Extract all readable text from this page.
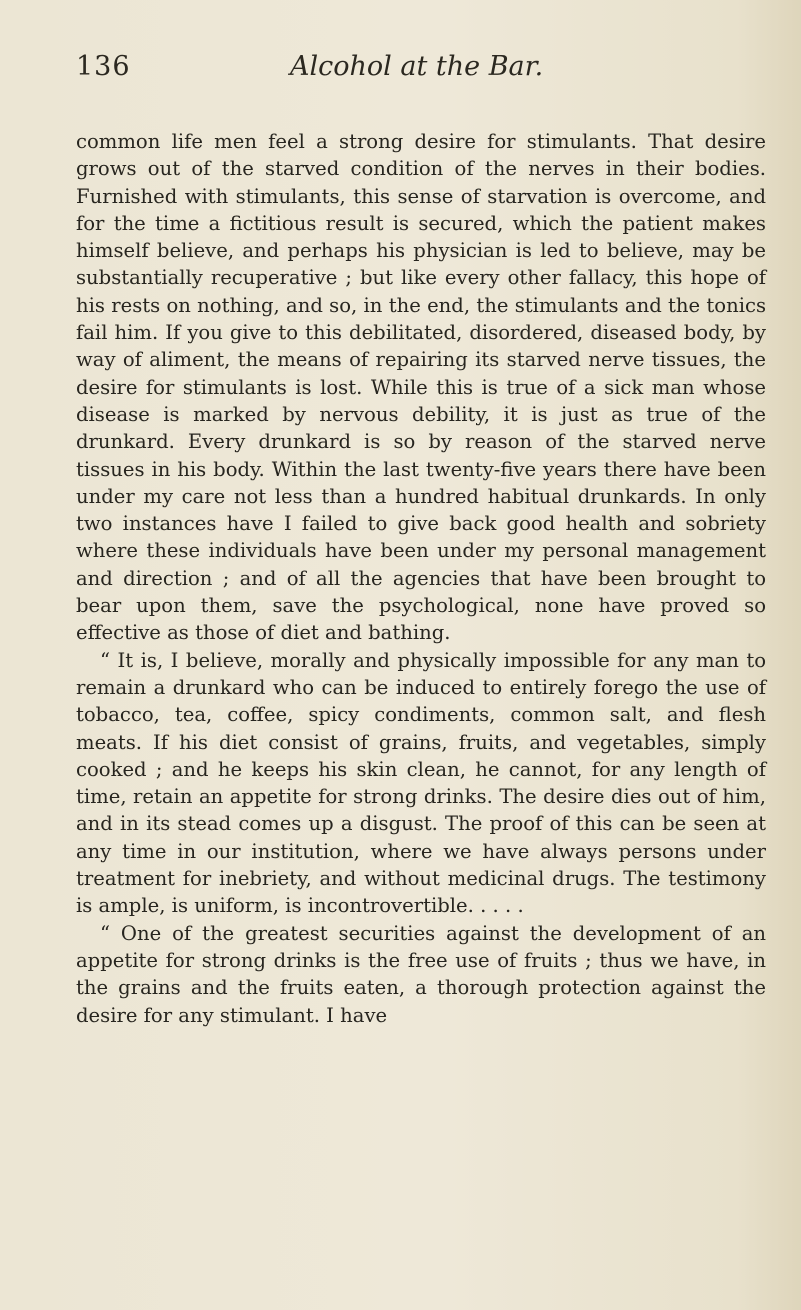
136	Alcohol at the Bar.

common life men feel a strong desire for stimulants. That desire grows out of the starved condition of the nerves in their bodies. Furnished with stimulants, this sense of starvation is overcome, and for the time a fictitious result is secured, which the patient makes himself believe, and perhaps his physician is led to believe, may be substantially recuperative ; but like every other fallacy, this hope of his rests on nothing, and so, in the end, the stimulants and the tonics fail him. If you give to this debilitated, disordered, diseased body, by way of aliment, the means of repairing its starved nerve tissues, the desire for stimulants is lost. While this is true of a sick man whose disease is marked by nervous debility, it is just as true of the drunkard. Every drunkard is so by reason of the starved nerve tissues in his body. Within the last twenty-five years there have been under my care not less than a hundred habitual drunkards. In only two instances have I failed to give back good health and sobriety where these individuals have been under my personal management and direction ; and of all the agencies that have been brought to bear upon them, save the psychological, none have proved so effective as those of diet and bathing.

“ It is, I believe, morally and physically impossible for any man to remain a drunkard who can be induced to entirely forego the use of tobacco, tea, coffee, spicy condiments, common salt, and flesh meats. If his diet consist of grains, fruits, and vegetables, simply cooked ; and he keeps his skin clean, he cannot, for any length of time, retain an appetite for strong drinks. The desire dies out of him, and in its stead comes up a disgust. The proof of this can be seen at any time in our institution, where we have always persons under treatment for inebriety, and without medicinal drugs. The testimony is ample, is uniform, is incontrovertible. . . . .

“ One of the greatest securities against the development of an appetite for strong drinks is the free use of fruits ; thus we have, in the grains and the fruits eaten, a thorough protection against the desire for any stimulant. I have
